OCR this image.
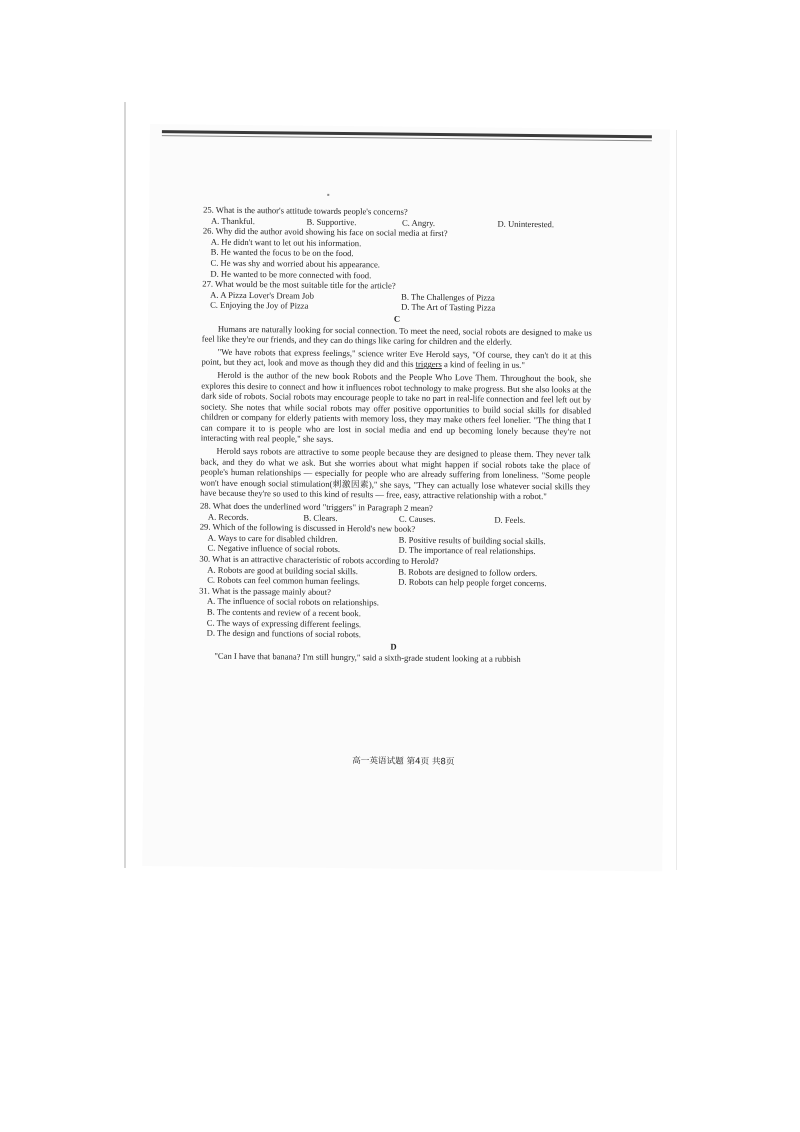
25. What is the author's attitude towards people's concerns?

A. Thankful.	B. Supportive.	C. Angry.	D. Uninterested.

26. Why did the author avoid showing his face on social media at first?

A. He didn't want to let out his information.
B. He wanted the focus to be on the food.
C. He was shy and worried about his appearance.
D. He wanted to be more connected with food.

27. What would be the most suitable title for the article?

A. A Pizza Lover's Dream Job	B. The Challenges of Pizza
C. Enjoying the Joy of Pizza	D. The Art of Tasting Pizza
C

Humans are naturally looking for social connection. To meet the need, social robots are designed to make us feel like they're our friends, and they can do things like caring for children and the elderly.

"We have robots that express feelings," science writer Eve Herold says, "Of course, they can't do it at this point, but they act, look and move as though they did and this triggers a kind of feeling in us."

Herold is the author of the new book Robots and the People Who Love Them. Throughout the book, she explores this desire to connect and how it influences robot technology to make progress. But she also looks at the dark side of robots. Social robots may encourage people to take no part in real-life connection and feel left out by society. She notes that while social robots may offer positive opportunities to build social skills for disabled children or company for elderly patients with memory loss, they may make others feel lonelier. "The thing that I can compare it to is people who are lost in social media and end up becoming lonely because they're not interacting with real people," she says.

Herold says robots are attractive to some people because they are designed to please them. They never talk back, and they do what we ask. But she worries about what might happen if social robots take the place of people's human relationships — especially for people who are already suffering from loneliness. "Some people won't have enough social stimulation(刺激因素)," she says, "They can actually lose whatever social skills they have because they're so used to this kind of results — free, easy, attractive relationship with a robot."

28. What does the underlined word "triggers" in Paragraph 2 mean?

A. Records.	B. Clears.	C. Causes.	D. Feels.

29. Which of the following is discussed in Herold's new book?

A. Ways to care for disabled children.	B. Positive results of building social skills.
C. Negative influence of social robots.	D. The importance of real relationships.

30. What is an attractive characteristic of robots according to Herold?

A. Robots are good at building social skills.	B. Robots are designed to follow orders.
C. Robots can feel common human feelings.	D. Robots can help people forget concerns.

31. What is the passage mainly about?

A. The influence of social robots on relationships.
B. The contents and review of a recent book.
C. The ways of expressing different feelings.
D. The design and functions of social robots.
D

"Can I have that banana? I'm still hungry," said a sixth-grade student looking at a rubbish

高一英语试题 第4页 共8页
